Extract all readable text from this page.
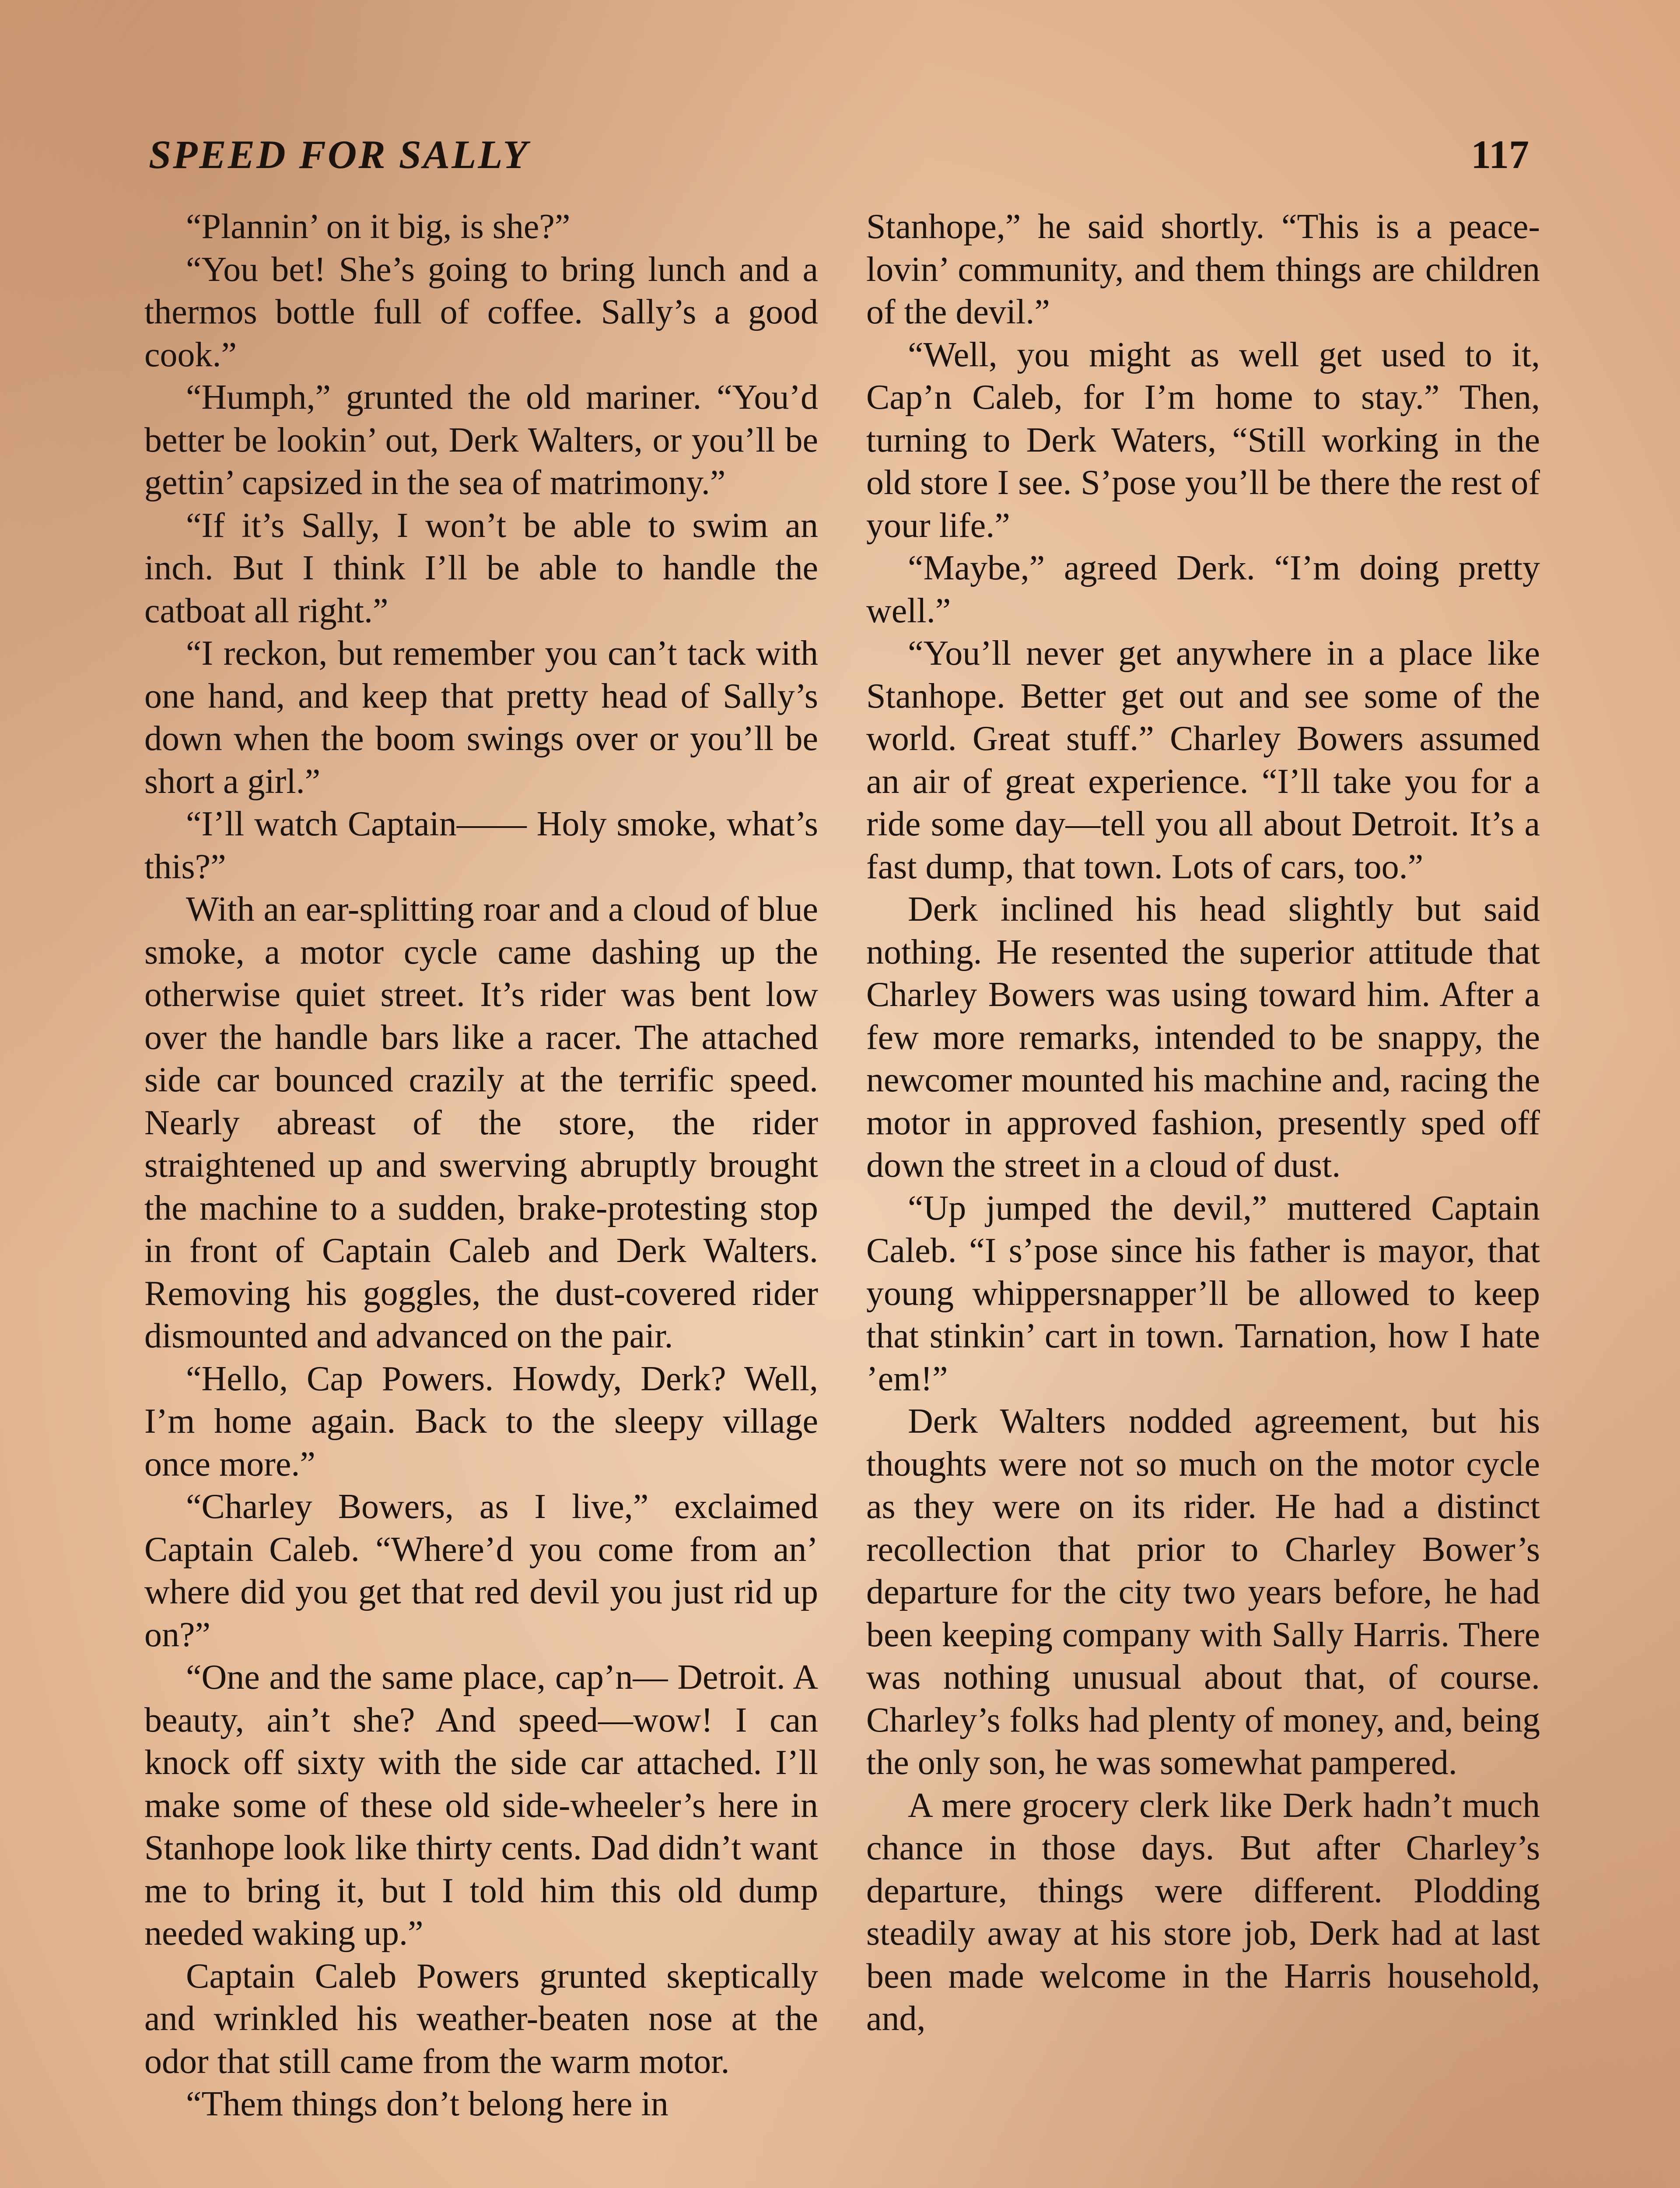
SPEED FOR SALLY	117

“Plannin’ on it big, is she?”

“You bet! She’s going to bring lunch and a thermos bottle full of coffee. Sally’s a good cook.”

“Humph,” grunted the old mariner. “You’d better be lookin’ out, Derk Walters, or you’ll be gettin’ capsized in the sea of matrimony.”

“If it’s Sally, I won’t be able to swim an inch. But I think I’ll be able to handle the catboat all right.”

“I reckon, but remember you can’t tack with one hand, and keep that pretty head of Sally’s down when the boom swings over or you’ll be short a girl.”

“I’ll watch Captain—— Holy smoke, what’s this?”

With an ear-splitting roar and a cloud of blue smoke, a motor cycle came dashing up the otherwise quiet street. It’s rider was bent low over the handle bars like a racer. The attached side car bounced crazily at the terrific speed. Nearly abreast of the store, the rider straightened up and swerving abruptly brought the machine to a sudden, brake-protesting stop in front of Captain Caleb and Derk Walters. Removing his goggles, the dust-covered rider dismounted and advanced on the pair.

“Hello, Cap Powers. Howdy, Derk? Well, I’m home again. Back to the sleepy village once more.”

“Charley Bowers, as I live,” exclaimed Captain Caleb. “Where’d you come from an’ where did you get that red devil you just rid up on?”

“One and the same place, cap’n— Detroit. A beauty, ain’t she? And speed—wow! I can knock off sixty with the side car attached. I’ll make some of these old side-wheeler’s here in Stanhope look like thirty cents. Dad didn’t want me to bring it, but I told him this old dump needed waking up.”

Captain Caleb Powers grunted skeptically and wrinkled his weather-beaten nose at the odor that still came from the warm motor.

“Them things don’t belong here in

Stanhope,” he said shortly. “This is a peace-lovin’ community, and them things are children of the devil.”

“Well, you might as well get used to it, Cap’n Caleb, for I’m home to stay.” Then, turning to Derk Waters, “Still working in the old store I see. S’pose you’ll be there the rest of your life.”

“Maybe,” agreed Derk. “I’m doing pretty well.”

“You’ll never get anywhere in a place like Stanhope. Better get out and see some of the world. Great stuff.” Charley Bowers assumed an air of great experience. “I’ll take you for a ride some day—tell you all about Detroit. It’s a fast dump, that town. Lots of cars, too.”

Derk inclined his head slightly but said nothing. He resented the superior attitude that Charley Bowers was using toward him. After a few more remarks, intended to be snappy, the newcomer mounted his machine and, racing the motor in approved fashion, presently sped off down the street in a cloud of dust.

“Up jumped the devil,” muttered Captain Caleb. “I s’pose since his father is mayor, that young whippersnapper’ll be allowed to keep that stinkin’ cart in town. Tarnation, how I hate ’em!”

Derk Walters nodded agreement, but his thoughts were not so much on the motor cycle as they were on its rider. He had a distinct recollection that prior to Charley Bower’s departure for the city two years before, he had been keeping company with Sally Harris. There was nothing unusual about that, of course. Charley’s folks had plenty of money, and, being the only son, he was somewhat pampered.

A mere grocery clerk like Derk hadn’t much chance in those days. But after Charley’s departure, things were different. Plodding steadily away at his store job, Derk had at last been made welcome in the Harris household, and,
